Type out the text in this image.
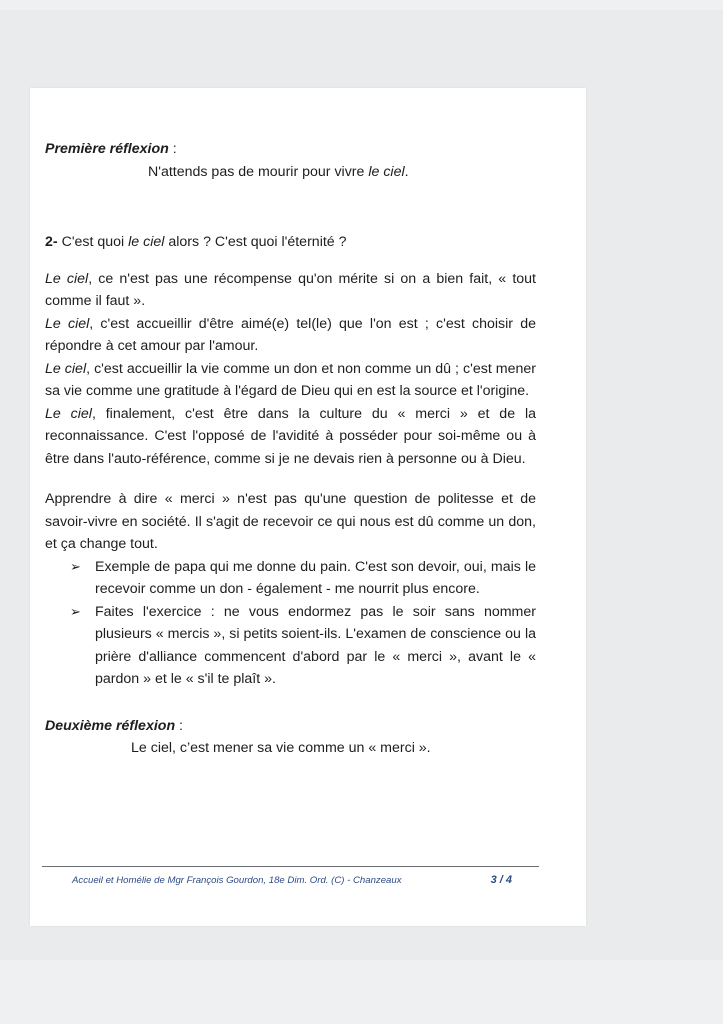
Première réflexion :

N'attends pas de mourir pour vivre le ciel.

2- C'est quoi le ciel alors ? C'est quoi l'éternité ?

Le ciel, ce n'est pas une récompense qu'on mérite si on a bien fait, « tout comme il faut ».

Le ciel, c'est accueillir d'être aimé(e) tel(le) que l'on est ; c'est choisir de répondre à cet amour par l'amour.

Le ciel, c'est accueillir la vie comme un don et non comme un dû ; c'est mener sa vie comme une gratitude à l'égard de Dieu qui en est la source et l'origine.

Le ciel, finalement, c'est être dans la culture du « merci » et de la reconnaissance. C'est l'opposé de l'avidité à posséder pour soi-même ou à être dans l'auto-référence, comme si je ne devais rien à personne ou à Dieu.

Apprendre à dire « merci » n'est pas qu'une question de politesse et de savoir-vivre en société. Il s'agit de recevoir ce qui nous est dû comme un don, et ça change tout.

➢ Exemple de papa qui me donne du pain. C'est son devoir, oui, mais le recevoir comme un don - également - me nourrit plus encore.
➢ Faites l'exercice : ne vous endormez pas le soir sans nommer plusieurs « mercis », si petits soient-ils. L'examen de conscience ou la prière d'alliance commencent d'abord par le « merci », avant le « pardon » et le « s'il te plaît ».

Deuxième réflexion :

Le ciel, c’est mener sa vie comme un « merci ».

Accueil et Homélie de Mgr François Gourdon, 18e Dim. Ord. (C) - Chanzeaux	3 / 4
